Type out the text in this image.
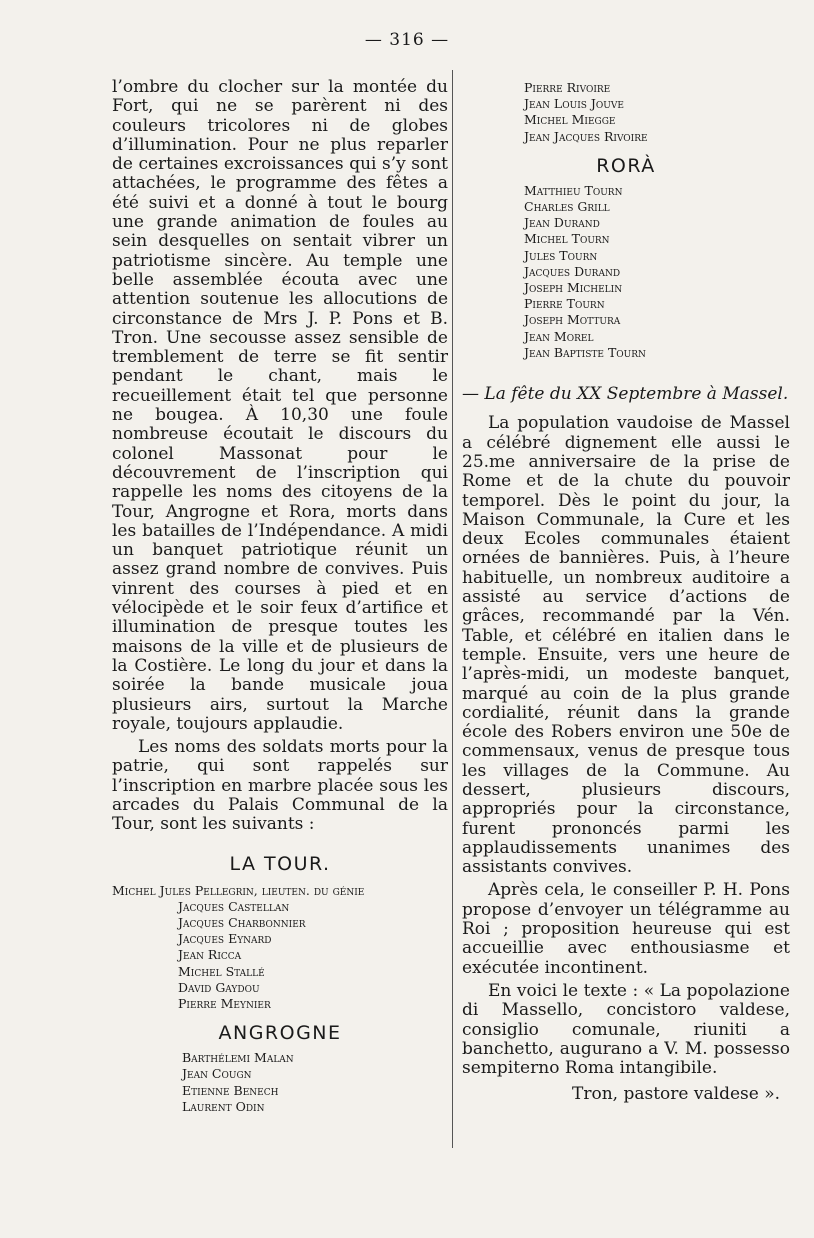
— 316 —

l’ombre du clocher sur la montée du Fort, qui ne se parèrent ni des couleurs tricolores ni de globes d’illumination. Pour ne plus reparler de certaines excroissances qui s’y sont attachées, le programme des fêtes a été suivi et a donné à tout le bourg une grande animation de foules au sein desquelles on sentait vibrer un patriotisme sincère. Au temple une belle assemblée écouta avec une attention soutenue les allocutions de circonstance de Mrs J. P. Pons et B. Tron. Une secousse assez sensible de tremblement de terre se fit sentir pendant le chant, mais le recueillement était tel que personne ne bougea. À 10,30 une foule nombreuse écoutait le discours du colonel Massonat pour le découvrement de l’inscription qui rappelle les noms des citoyens de la Tour, Angrogne et Rora, morts dans les batailles de l’Indépendance. A midi un banquet patriotique réunit un assez grand nombre de convives. Puis vinrent des courses à pied et en vélocipède et le soir feux d’artifice et illumination de presque toutes les maisons de la ville et de plusieurs de la Costière. Le long du jour et dans la soirée la bande musicale joua plusieurs airs, surtout la Marche royale, toujours applaudie.

Les noms des soldats morts pour la patrie, qui sont rappelés sur l’inscription en marbre placée sous les arcades du Palais Communal de la Tour, sont les suivants :

LA TOUR.

Michel Jules Pellegrin, lieuten. du génie
Jacques Castellan
Jacques Charbonnier
Jacques Eynard
Jean Ricca
Michel Stallé
David Gaydou
Pierre Meynier

ANGROGNE

Barthélemi Malan
Jean Cougn
Etienne Benech
Laurent Odin
Pierre Rivoire
Jean Louis Jouve
Michel Miegge
Jean Jacques Rivoire

RORÀ

Matthieu Tourn
Charles Grill
Jean Durand
Michel Tourn
Jules Tourn
Jacques Durand
Joseph Michelin
Pierre Tourn
Joseph Mottura
Jean Morel
Jean Baptiste Tourn

— La fête du XX Septembre à Massel.

La population vaudoise de Massel a célébré dignement elle aussi le 25.me anniversaire de la prise de Rome et de la chute du pouvoir temporel. Dès le point du jour, la Maison Communale, la Cure et les deux Ecoles communales étaient ornées de bannières. Puis, à l’heure habituelle, un nombreux auditoire a assisté au service d’actions de grâces, recommandé par la Vén. Table, et célébré en italien dans le temple. Ensuite, vers une heure de l’après-midi, un modeste banquet, marqué au coin de la plus grande cordialité, réunit dans la grande école des Robers environ une 50e de commensaux, venus de presque tous les villages de la Commune. Au dessert, plusieurs discours, appropriés pour la circonstance, furent prononcés parmi les applaudissements unanimes des assistants convives.

Après cela, le conseiller P. H. Pons propose d’envoyer un télégramme au Roi ; proposition heureuse qui est accueillie avec enthousiasme et exécutée incontinent.

En voici le texte : « La popolazione di Massello, concistoro valdese, consiglio comunale, riuniti a banchetto, augurano a V. M. possesso sempiterno Roma intangibile.

Tron, pastore valdese ».
